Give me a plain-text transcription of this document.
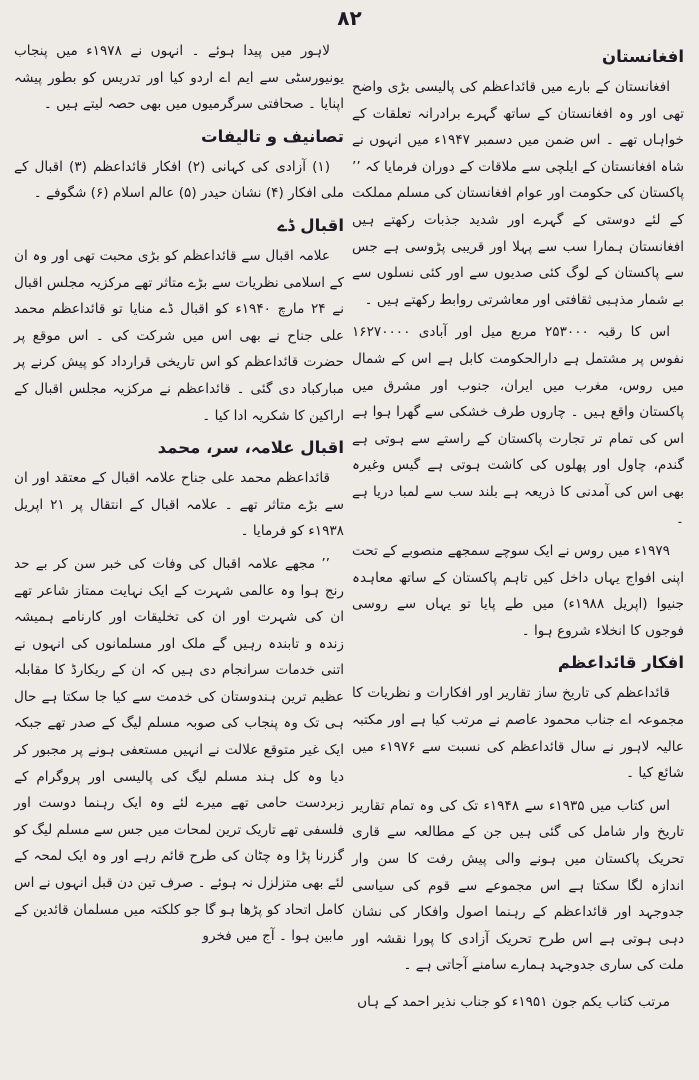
۸۲
افغانستان

افغانستان کے بارے میں قائداعظم کی پالیسی بڑی واضح تھی اور وہ افغانستان کے ساتھ گہرے برادرانہ تعلقات کے خواہاں تھے ۔ اس ضمن میں دسمبر ۱۹۴۷ء میں انہوں نے شاہ افغانستان کے ایلچی سے ملاقات کے دوران فرمایا کہ ’’ پاکستان کی حکومت اور عوام افغانستان کی مسلم مملکت کے لئے دوستی کے گہرے اور شدید جذبات رکھتے ہیں افغانستان ہمارا سب سے پہلا اور قریبی پڑوسی ہے جس سے پاکستان کے لوگ کئی صدیوں سے اور کئی نسلوں سے بے شمار مذہبی ثقافتی اور معاشرتی روابط رکھتے ہیں ۔

اس کا رقبہ ۲۵۳۰۰۰ مربع میل اور آبادی ۱۶۲۷۰۰۰۰ نفوس پر مشتمل ہے دارالحکومت کابل ہے اس کے شمال میں روس، مغرب میں ایران، جنوب اور مشرق میں پاکستان واقع ہیں ۔ چاروں طرف خشکی سے گھرا ہوا ہے اس کی تمام تر تجارت پاکستان کے راستے سے ہوتی ہے گندم، چاول اور پھلوں کی کاشت ہوتی ہے گیس وغیرہ بھی اس کی آمدنی کا ذریعہ ہے بلند سب سے لمبا دریا ہے ۔

۱۹۷۹ء میں روس نے ایک سوچے سمجھے منصوبے کے تحت اپنی افواج یہاں داخل کیں تاہم پاکستان کے ساتھ معاہدہ جنیوا (اپریل ۱۹۸۸ء) میں طے پایا تو یہاں سے روسی فوجوں کا انخلاء شروع ہوا ۔

افکار قائداعظم

قائداعظم کی تاریخ ساز تقاریر اور افکارات و نظریات کا مجموعہ اے جناب محمود عاصم نے مرتب کیا ہے اور مکتبہ عالیہ لاہور نے سال قائداعظم کی نسبت سے ۱۹۷۶ء میں شائع کیا ۔

اس کتاب میں ۱۹۳۵ء سے ۱۹۴۸ء تک کی وہ تمام تقاریر تاریخ وار شامل کی گئی ہیں جن کے مطالعہ سے قاری تحریک پاکستان میں ہونے والی پیش رفت کا سن وار اندازہ لگا سکتا ہے اس مجموعے سے قوم کی سیاسی جدوجہد اور قائداعظم کے رہنما اصول وافکار کی نشان دہی ہوتی ہے اس طرح تحریک آزادی کا پورا نقشہ اور ملت کی ساری جدوجہد ہمارے سامنے آجاتی ہے ۔

مرتب کتاب یکم جون ۱۹۵۱ء کو جناب نذیر احمد کے ہاں

لاہور میں پیدا ہوئے ۔ انہوں نے ۱۹۷۸ء میں پنجاب یونیورسٹی سے ایم اے اردو کیا اور تدریس کو بطور پیشہ اپنایا ۔ صحافتی سرگرمیوں میں بھی حصہ لیتے ہیں ۔

تصانیف و تالیفات

(۱) آزادی کی کہانی (۲) افکار قائداعظم (۳) اقبال کے ملی افکار (۴) نشان حیدر (۵) عالم اسلام (۶) شگوفے ۔

اقبال ڈے

علامہ اقبال سے قائداعظم کو بڑی محبت تھی اور وہ ان کے اسلامی نظریات سے بڑے متاثر تھے مرکزیہ مجلس اقبال نے ۲۴ مارچ ۱۹۴۰ء کو اقبال ڈے منایا تو قائداعظم محمد علی جناح نے بھی اس میں شرکت کی ۔ اس موقع پر حضرت قائداعظم کو اس تاریخی قرارداد کو پیش کرنے پر مبارکباد دی گئی ۔ قائداعظم نے مرکزیہ مجلس اقبال کے اراکین کا شکریہ ادا کیا ۔

اقبال علامہ، سر، محمد

قائداعظم محمد علی جناح علامہ اقبال کے معتقد اور ان سے بڑے متاثر تھے ۔ علامہ اقبال کے انتقال پر ۲۱ اپریل ۱۹۳۸ء کو فرمایا ۔

’’ مجھے علامہ اقبال کی وفات کی خبر سن کر بے حد رنج ہوا وہ عالمی شہرت کے ایک نہایت ممتاز شاعر تھے ان کی شہرت اور ان کی تخلیقات اور کارنامے ہمیشہ زندہ و تابندہ رہیں گے ملک اور مسلمانوں کی انہوں نے اتنی خدمات سرانجام دی ہیں کہ ان کے ریکارڈ کا مقابلہ عظیم ترین ہندوستان کی خدمت سے کیا جا سکتا ہے حال ہی تک وہ پنجاب کی صوبہ مسلم لیگ کے صدر تھے جبکہ ایک غیر متوقع علالت نے انہیں مستعفی ہونے پر مجبور کر دیا وہ کل ہند مسلم لیگ کی پالیسی اور پروگرام کے زبردست حامی تھے میرے لئے وہ ایک رہنما دوست اور فلسفی تھے تاریک ترین لمحات میں جس سے مسلم لیگ کو گزرنا پڑا وہ چٹان کی طرح قائم رہے اور وہ ایک لمحہ کے لئے بھی متزلزل نہ ہوئے ۔ صرف تین دن قبل انہوں نے اس کامل اتحاد کو پڑھا ہو گا جو کلکتہ میں مسلمان قائدین کے مابین ہوا ۔ آج میں فخرو
